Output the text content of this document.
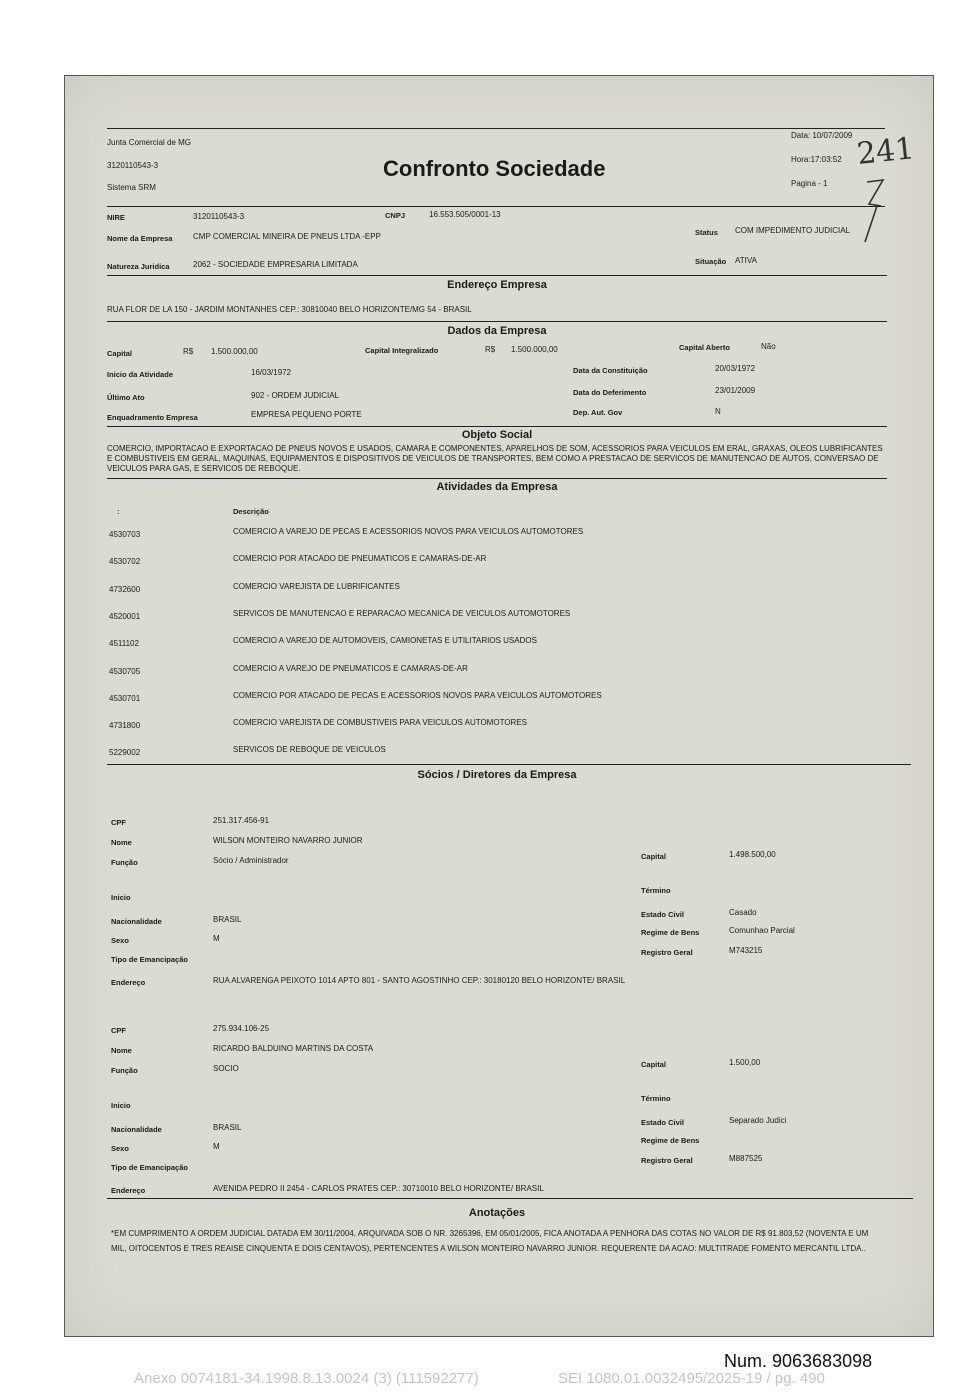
Junta Comercial de MG
3120110543-3
Sistema SRM
Confronto Sociedade
Data: 10/07/2009
Hora:17:03:52
Pagina - 1
241
NIRE	3120110543-3	CNPJ	16.553.505/0001-13
Nome da Empresa	CMP COMERCIAL MINEIRA DE PNEUS LTDA -EPP	Status COM IMPEDIMENTO JUDICIAL
Natureza Juridica	2062 - SOCIEDADE EMPRESARIA LIMITADA	Situação ATIVA
Endereço Empresa
RUA FLOR DE LA 150 - JARDIM MONTANHES CEP.: 30810040 BELO HORIZONTE/MG 54 - BRASIL
Dados da Empresa
Capital	R$ 1.500.000,00	Capital Integralizado	R$ 1.500.000,00	Capital Aberto	Não
Inicio da Atividade	16/03/1972	Data da Constituição	20/03/1972
Último Ato	902 - ORDEM JUDICIAL	Data do Deferimento	23/01/2009
Enquadramento Empresa	EMPRESA PEQUENO PORTE	Dep. Aut. Gov	N
Objeto Social
COMERCIO, IMPORTACAO E EXPORTACAO DE PNEUS NOVOS E USADOS, CAMARA E COMPONENTES, APARELHOS DE SOM, ACESSORIOS PARA VEICULOS EM ERAL, GRAXAS, OLEOS LUBRIFICANTES E COMBUSTIVEIS EM GERAL, MAQUINAS, EQUIPAMENTOS E DISPOSITIVOS DE VEICULOS DE TRANSPORTES, BEM COMO A PRESTACAO DE SERVICOS DE MANUTENCAO DE AUTOS, CONVERSAO DE VEICULOS PARA GAS, E SERVICOS DE REBOQUE.
Atividades da Empresa
:	Descrição
4530703	COMERCIO A VAREJO DE PECAS E ACESSORIOS NOVOS PARA VEICULOS AUTOMOTORES
4530702	COMERCIO POR ATACADO DE PNEUMATICOS E CAMARAS-DE-AR
4732600	COMERCIO VAREJISTA DE LUBRIFICANTES
4520001	SERVICOS DE MANUTENCAO E REPARACAO MECANICA DE VEICULOS AUTOMOTORES
4511102	COMERCIO A VAREJO DE AUTOMOVEIS, CAMIONETAS E UTILITARIOS USADOS
4530705	COMERCIO A VAREJO DE PNEUMATICOS E CAMARAS-DE-AR
4530701	COMERCIO POR ATACADO DE PECAS E ACESSORIOS NOVOS PARA VEICULOS AUTOMOTORES
4731800	COMERCIO VAREJISTA DE COMBUSTIVEIS PARA VEICULOS AUTOMOTORES
5229002	SERVICOS DE REBOQUE DE VEICULOS
Sócios / Diretores da Empresa
CPF	251.317.456-91
Nome	WILSON MONTEIRO NAVARRO JUNIOR
Função	Sócio / Administrador
Inicio
Nacionalidade	BRASIL
Sexo	M
Tipo de Emancipação
Endereço	RUA ALVARENGA PEIXOTO 1014 APTO 801 - SANTO AGOSTINHO CEP.: 30180120 BELO HORIZONTE/ BRASIL
Capital	1.498.500,00
Término
Estado Civil	Casado
Regime de Bens	Comunhao Parcial
Registro Geral	M743215
CPF	275.934.106-25
Nome	RICARDO BALDUINO MARTINS DA COSTA
Função	SOCIO
Inicio
Nacionalidade	BRASIL
Sexo	M
Tipo de Emancipação
Endereço	AVENIDA PEDRO II 2454 - CARLOS PRATES CEP.: 30710010 BELO HORIZONTE/ BRASIL
Capital	1.500,00
Término
Estado Civil	Separado Judici
Regime de Bens
Registro Geral	M887525
Anotações
*EM CUMPRIMENTO A ORDEM JUDICIAL DATADA EM 30/11/2004, ARQUIVADA SOB O NR. 3265396, EM 05/01/2005, FICA ANOTADA A PENHORA DAS COTAS NO VALOR DE R$ 91.803,52 (NOVENTA E UM MIL, OITOCENTOS E TRES REAISE CINQUENTA E DOIS CENTAVOS), PERTENCENTES A WILSON MONTEIRO NAVARRO JUNIOR. REQUERENTE DA ACAO: MULTITRADE FOMENTO MERCANTIL LTDA..
Num. 9063683098
Anexo 0074181-34.1998.8.13.0024 (3) (111592277)	SEI 1080.01.0032495/2025-19 / pg. 490
